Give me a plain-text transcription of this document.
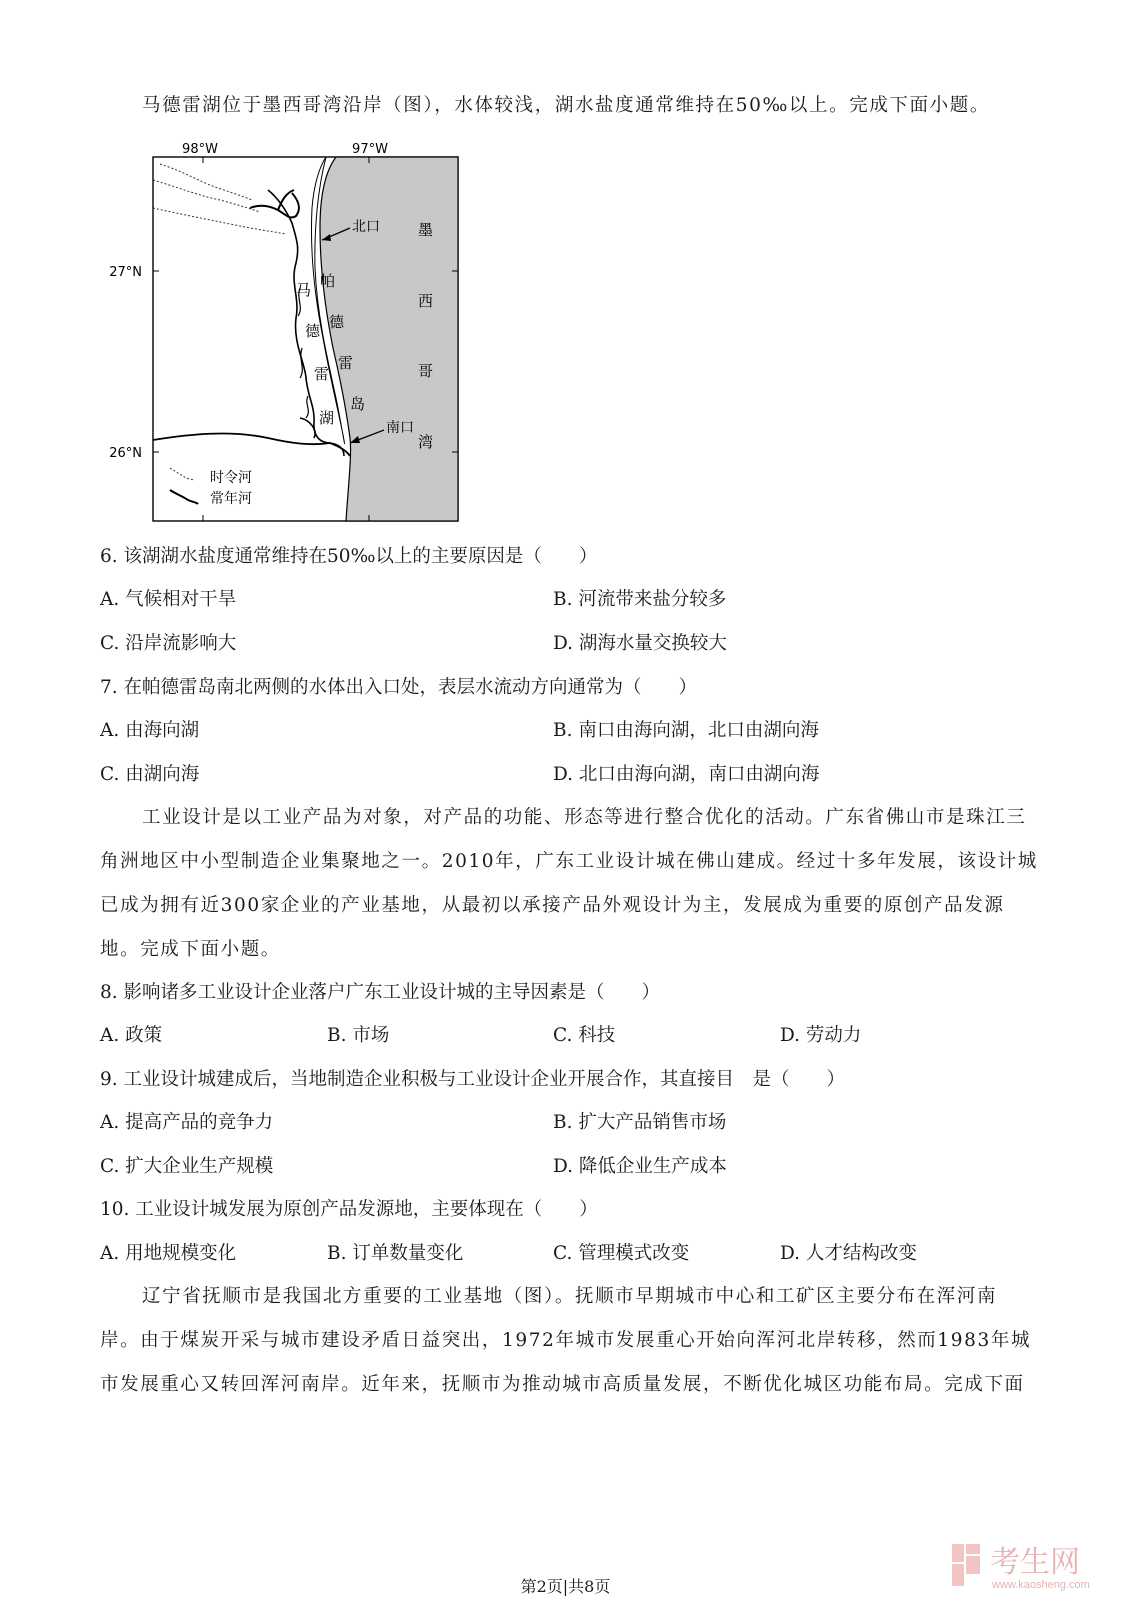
马德雷湖位于墨西哥湾沿岸（图），水体较浅，湖水盐度通常维持在50‰以上。完成下面小题。
98°W	97°W
27°N
26°N
北口
南口
墨
西
哥
湾
帕
德
雷
岛
马
德
雷
湖
时令河
常年河
6. 该湖湖水盐度通常维持在50‰以上的主要原因是（　　）
A. 气候相对干旱	B. 河流带来盐分较多
C. 沿岸流影响大	D. 湖海水量交换较大
7. 在帕德雷岛南北两侧的水体出入口处，表层水流动方向通常为（　　）
A. 由海向湖	B. 南口由海向湖，北口由湖向海
C. 由湖向海	D. 北口由海向湖，南口由湖向海
工业设计是以工业产品为对象，对产品的功能、形态等进行整合优化的活动。广东省佛山市是珠江三
角洲地区中小型制造企业集聚地之一。2010年，广东工业设计城在佛山建成。经过十多年发展，该设计城
已成为拥有近300家企业的产业基地，从最初以承接产品外观设计为主，发展成为重要的原创产品发源
地。完成下面小题。
8. 影响诸多工业设计企业落户广东工业设计城的主导因素是（　　）
A. 政策	B. 市场	C. 科技	D. 劳动力
9. 工业设计城建成后，当地制造企业积极与工业设计企业开展合作，其直接目　是（　　）
A. 提高产品的竞争力	B. 扩大产品销售市场
C. 扩大企业生产规模	D. 降低企业生产成本
10. 工业设计城发展为原创产品发源地，主要体现在（　　）
A. 用地规模变化	B. 订单数量变化	C. 管理模式改变	D. 人才结构改变
辽宁省抚顺市是我国北方重要的工业基地（图）。抚顺市早期城市中心和工矿区主要分布在浑河南
岸。由于煤炭开采与城市建设矛盾日益突出，1972年城市发展重心开始向浑河北岸转移，然而1983年城
市发展重心又转回浑河南岸。近年来，抚顺市为推动城市高质量发展，不断优化城区功能布局。完成下面
考生网
www.kaosheng.com
第2页|共8页
